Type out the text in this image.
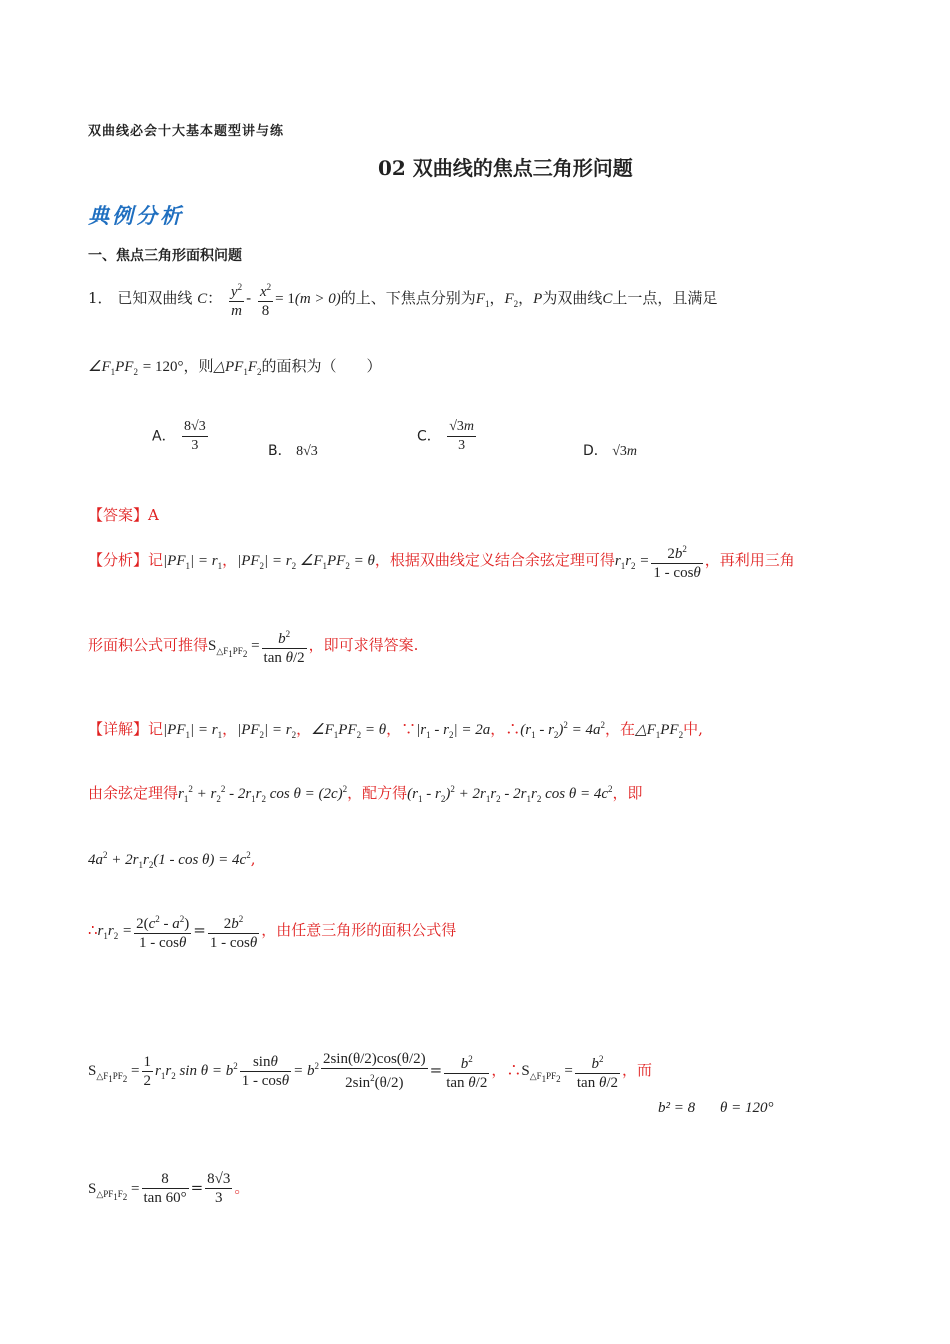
双曲线必会十大基本题型讲与练
02 双曲线的焦点三角形问题
典例分析
一、焦点三角形面积问题
1． 已知双曲线 C： $\frac{y^2}{m} - \frac{x^2}{8} = 1(m > 0)$的上、下焦点分别为$F_1$，$F_2$，P为双曲线C上一点，且满足
$\angle F_1PF_2 = 120^\circ$，则$\triangle PF_1F_2$的面积为（　　）
A． $\frac{8√3}{3}$	B． 8√3
C． $\frac{√3m}{3}$	D． √3m
【答案】A
【分析】记$|PF_1| = r_1$，$|PF_2| = r_2$ $\angle F_1PF_2 = \theta$，根据双曲线定义结合余弦定理可得$r_1r_2 = \frac{2b^2}{1 - \cos\theta}$ ，再利用三角
形面积公式可推得$S_{\triangle F_1PF_2} = \frac{b^2}{\text{tan θ/2}}$ ，即可求得答案.
【详解】记$|PF_1| = r_1$，$|PF_2| = r_2$，$\angle F_1PF_2 = \theta$，$\because|r_1 - r_2| = 2a$，$\therefore(r_1 - r_2)^2 = 4a^2$，在$\triangle F_1PF_2$中,
由余弦定理得$r_1^2 + r_2^2 - 2r_1r_2$ $\cos \theta = (2c)^2$，配方得$(r_1 - r_2)^2 + 2r_1r_2 - 2r_1r_2$ $\cos \theta = 4c^2$，即
$4a^2 + 2r_1r_2(1 - \cos \theta) = 4c^2$,
$\therefore r_1r_2 = \frac{2(c^2 - a^2)}{1 - \cos\theta} = \frac{2b^2}{1 - \cos\theta}$ ，由任意三角形的面积公式得
$S_{\triangle F_1PF_2} = \frac{1}{2} r_1r_2$ $\sin \theta = b^2 \frac{\sin\theta}{1 - \cos\theta} = b^2 \frac{2\sin(\theta/2)\cos(\theta/2)}{2\sin^2(\theta/2)} = \frac{b^2}{\text{tan θ/2}}$ ，$\therefore S_{\triangle F_1PF_2} = \frac{b^2}{\text{tan θ/2}}$ ，而
b² = 8 θ = 120°
$S_{\triangle PF_1F_2} = \frac{8}{\tan 60^\circ} = \frac{8√3}{3}$ 。
